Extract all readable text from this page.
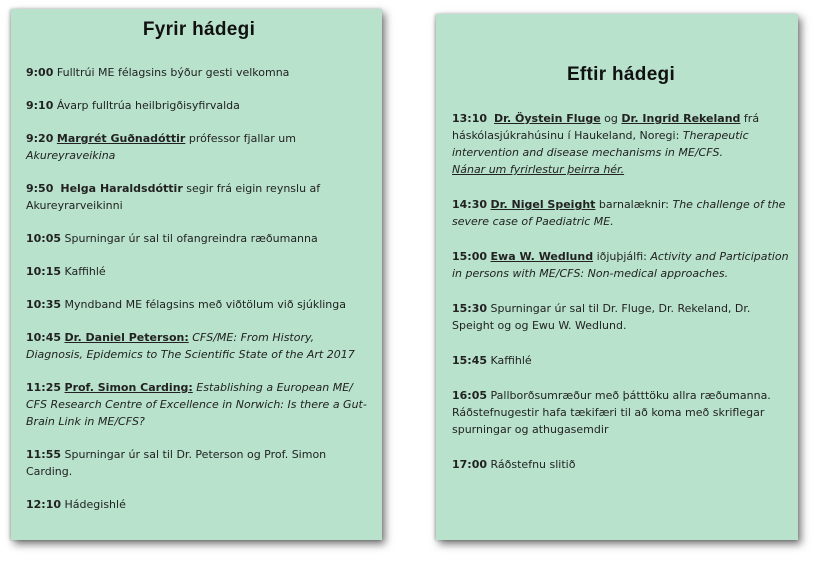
Fyrir hádegi

9:00 Fulltrúi ME félagsins býður gesti velkomna

9:10 Ávarp fulltrúa heilbrigðisyfirvalda

9:20 Margrét Guðnadóttir prófessor fjallar um Akureyraveikina

9:50 Helga Haraldsdóttir segir frá eigin reynslu af Akureyrarveikinni

10:05 Spurningar úr sal til ofangreindra ræðumanna

10:15 Kaffihlé

10:35 Myndband ME félagsins með viðtölum við sjúklinga

10:45 Dr. Daniel Peterson: CFS/ME: From History, Diagnosis, Epidemics to The Scientific State of the Art 2017

11:25 Prof. Simon Carding: Establishing a European ME/ CFS Research Centre of Excellence in Norwich: Is there a Gut-Brain Link in ME/CFS?

11:55 Spurningar úr sal til Dr. Peterson og Prof. Simon Carding.

12:10 Hádegishlé

Eftir hádegi

13:10 Dr. Öystein Fluge og Dr. Ingrid Rekeland frá háskólasjúkrahúsinu í Haukeland, Noregi: Therapeutic intervention and disease mechanisms in ME/CFS.
Nánar um fyrirlestur þeirra hér.

14:30 Dr. Nigel Speight barnalæknir: The challenge of the severe case of Paediatric ME.

15:00 Ewa W. Wedlund iðjuþjálfi: Activity and Participation in persons with ME/CFS: Non-medical approaches.

15:30 Spurningar úr sal til Dr. Fluge, Dr. Rekeland, Dr. Speight og og Ewu W. Wedlund.

15:45 Kaffihlé

16:05 Pallborðsumræður með þátttöku allra ræðumanna. Ráðstefnugestir hafa tækifæri til að koma með skriflegar spurningar og athugasemdir

17:00 Ráðstefnu slitið
